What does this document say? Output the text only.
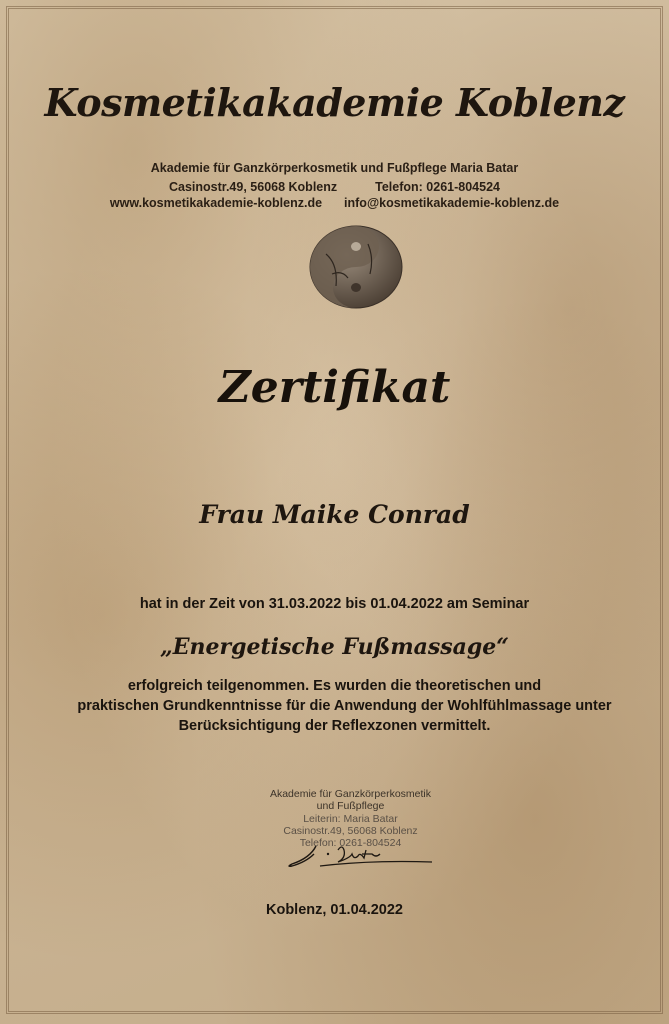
Kosmetikakademie Koblenz
Akademie für Ganzkörperkosmetik und Fußpflege Maria Batar
Casinostr.49, 56068 Koblenz	Telefon: 0261-804524
www.kosmetikakademie-koblenz.de info@kosmetikakademie-koblenz.de
Zertifikat
Frau Maike Conrad
hat in der Zeit von 31.03.2022 bis 01.04.2022 am Seminar
„Energetische Fußmassage“
erfolgreich teilgenommen. Es wurden die theoretischen und
praktischen Grundkenntnisse für die Anwendung der Wohlfühlmassage unter
Berücksichtigung der Reflexzonen vermittelt.
Akademie für Ganzkörperkosmetik
und Fußpflege
Leiterin: Maria Batar
Casinostr.49, 56068 Koblenz
Telefon: 0261-804524
Koblenz, 01.04.2022
